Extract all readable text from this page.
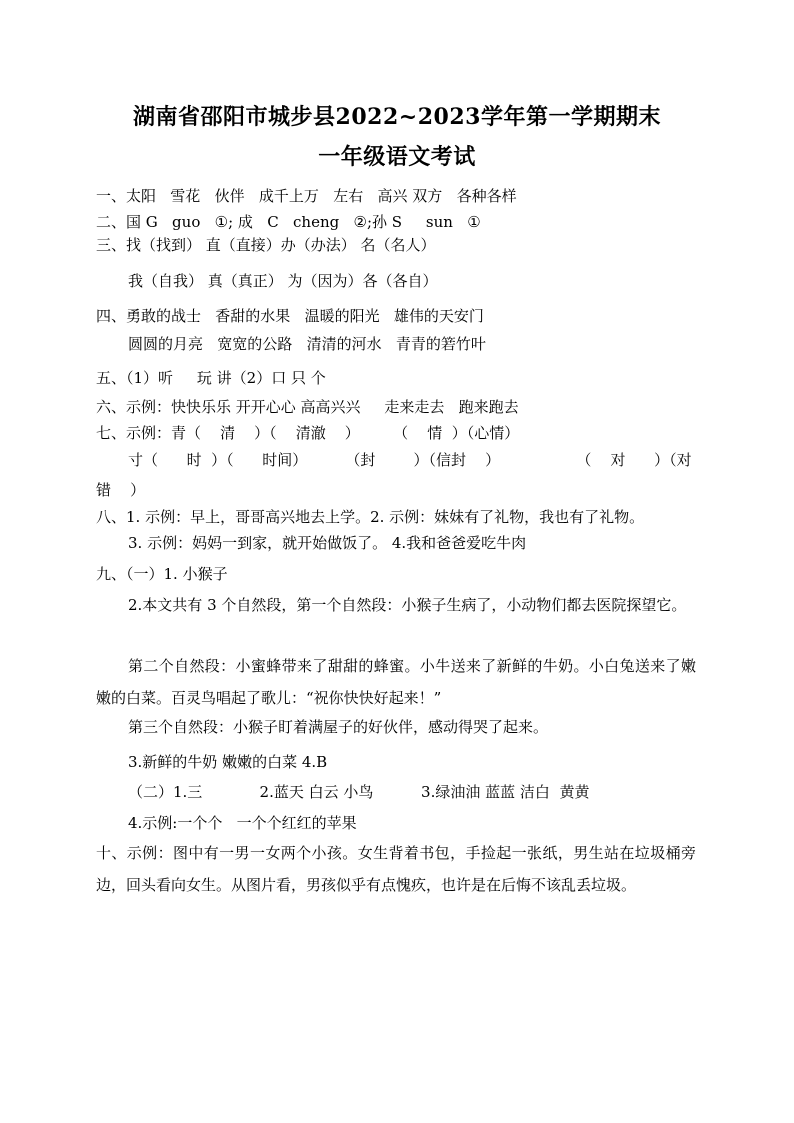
湖南省邵阳市城步县2022~2023学年第一学期期末
一年级语文考试
一、太阳   雪花   伙伴   成千上万   左右   高兴 双方   各种各样
二、国 G   guo   ①; 成   C   cheng   ②;孙 S     sun   ①
三、找（找到） 直（直接）办（办法） 名（名人）
我（自我） 真（真正） 为（因为）各（各自）
四、勇敢的战士   香甜的水果   温暖的阳光   雄伟的天安门
圆圆的月亮   宽宽的公路   清清的河水   青青的箬竹叶
五、（1）听     玩 讲（2）口 只 个
六、示例：快快乐乐 开开心心 高高兴兴     走来走去   跑来跑去
七、示例：青（    清    ）（    清澈    ）       （    情  ）（心情）
寸（      时  ）（      时间）        （封        ）（信封    ）                （    对      ）（对
错    ）
八、1. 示例：早上，哥哥高兴地去上学。2. 示例：妹妹有了礼物，我也有了礼物。
3. 示例：妈妈一到家，就开始做饭了。 4.我和爸爸爱吃牛肉
九、（一）1. 小猴子
2.本文共有 3 个自然段，第一个自然段：小猴子生病了，小动物们都去医院探望它。
第二个自然段：小蜜蜂带来了甜甜的蜂蜜。小牛送来了新鲜的牛奶。小白兔送来了嫩嫩的白菜。百灵鸟唱起了歌儿：“祝你快快好起来！”
第三个自然段：小猴子盯着满屋子的好伙伴，感动得哭了起来。
3.新鲜的牛奶 嫩嫩的白菜 4.B
（二）1.三            2.蓝天 白云 小鸟          3.绿油油 蓝蓝 洁白  黄黄
4.示例:一个个   一个个红红的苹果
十、示例：图中有一男一女两个小孩。女生背着书包，手捡起一张纸，男生站在垃圾桶旁边，回头看向女生。从图片看，男孩似乎有点愧疚，也许是在后悔不该乱丢垃圾。
